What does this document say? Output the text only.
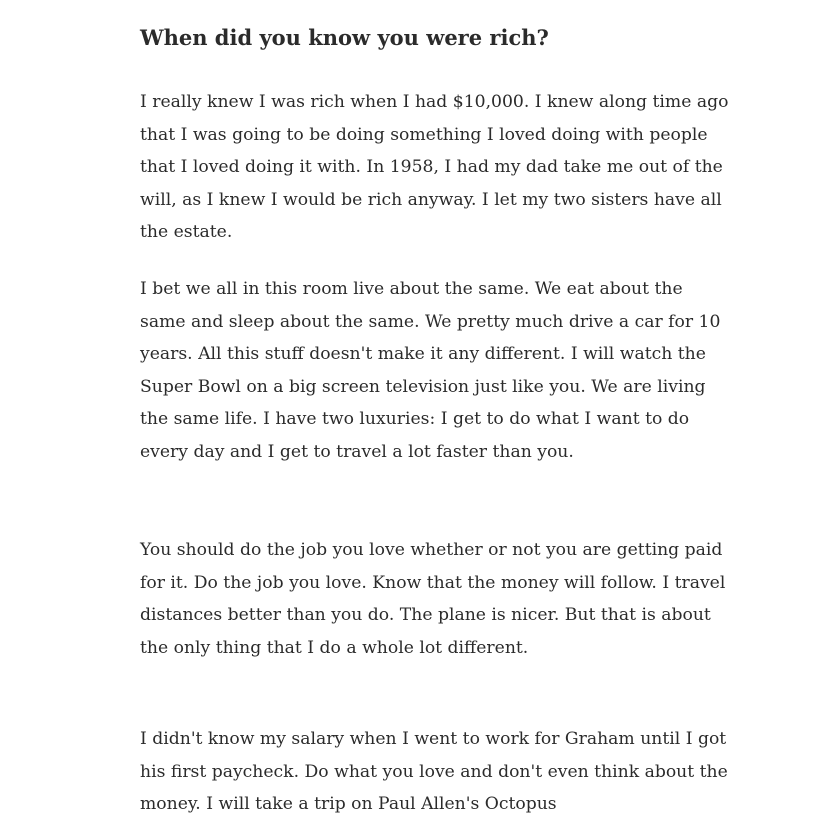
When did you know you were rich?

I really knew I was rich when I had $10,000. I knew along time ago that I was going to be doing something I loved doing with people that I loved doing it with. In 1958, I had my dad take me out of the will, as I knew I would be rich anyway. I let my two sisters have all the estate.

I bet we all in this room live about the same. We eat about the same and sleep about the same. We pretty much drive a car for 10 years. All this stuff doesn't make it any different. I will watch the Super Bowl on a big screen television just like you. We are living the same life. I have two luxuries: I get to do what I want to do every day and I get to travel a lot faster than you.

You should do the job you love whether or not you are getting paid for it. Do the job you love. Know that the money will follow. I travel distances better than you do. The plane is nicer. But that is about the only thing that I do a whole lot different.

I didn't know my salary when I went to work for Graham until I got his first paycheck. Do what you love and don't even think about the money. I will take a trip on Paul Allen's Octopus
